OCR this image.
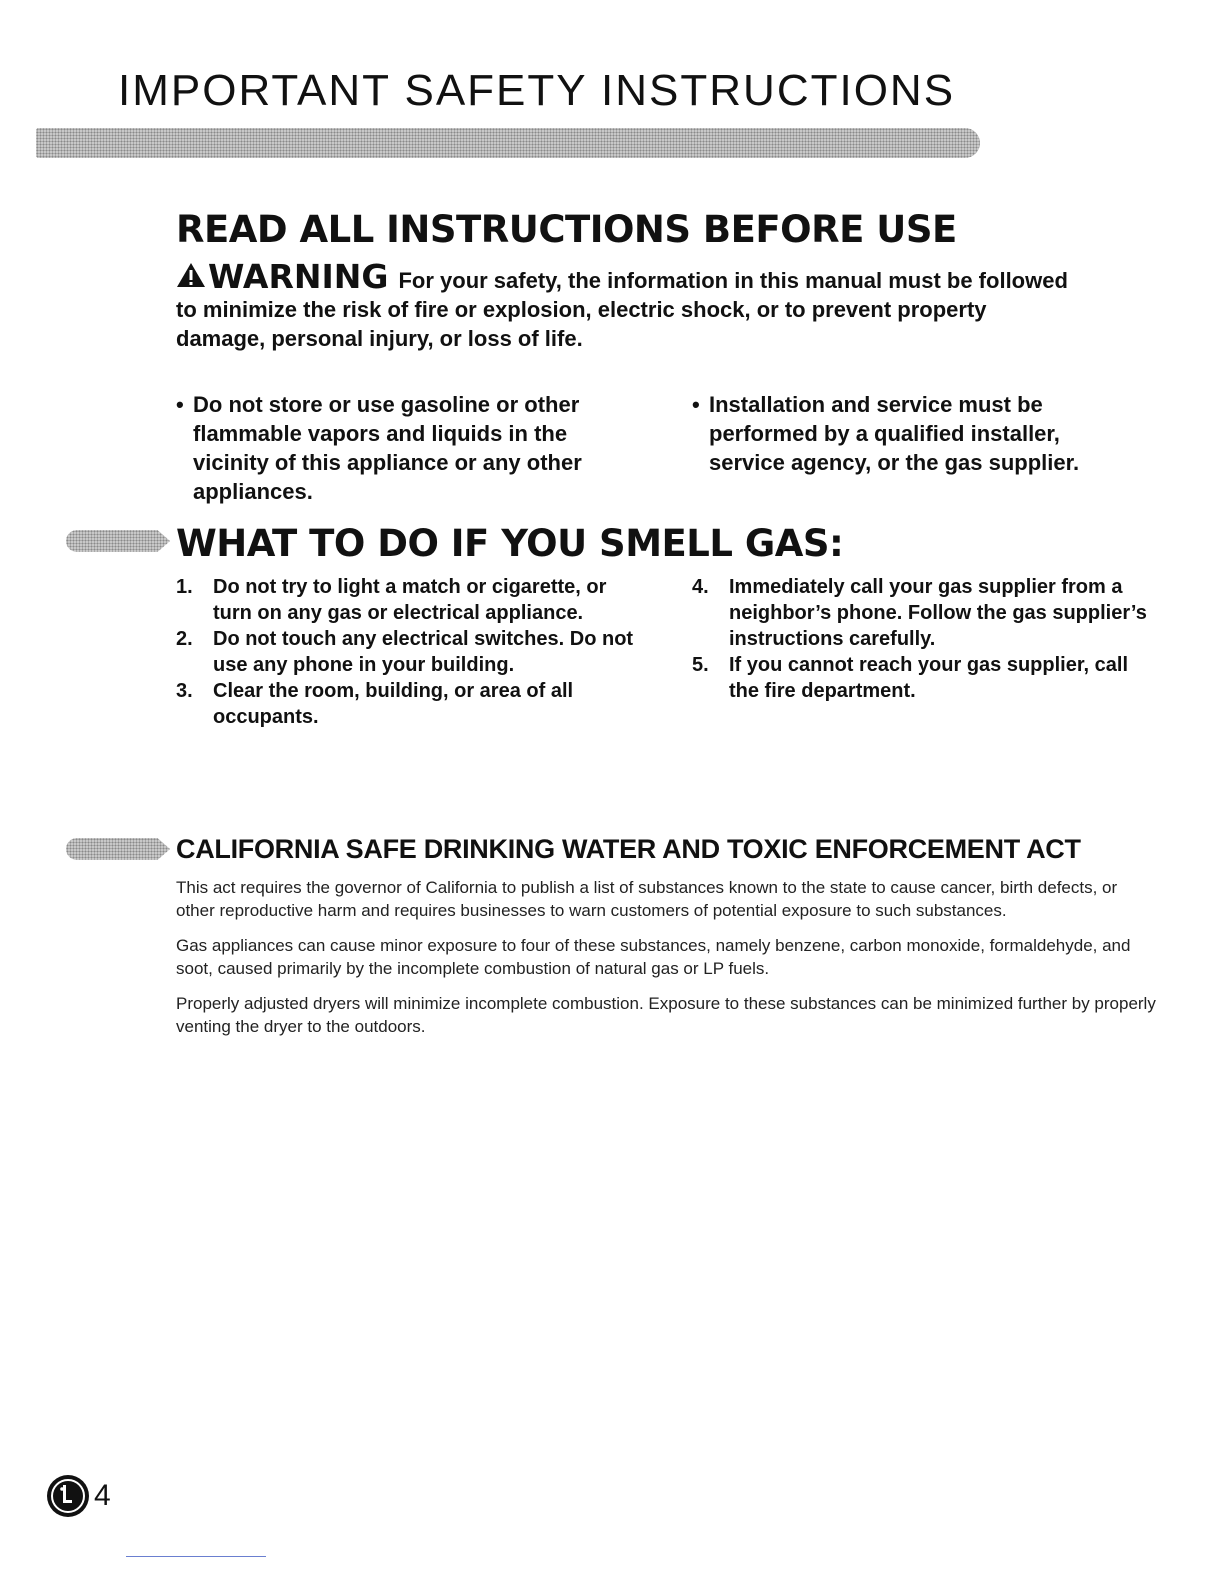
IMPORTANT SAFETY INSTRUCTIONS
READ ALL INSTRUCTIONS BEFORE USE
WARNING For your safety, the information in this manual must be followed to minimize the risk of fire or explosion, electric shock, or to prevent property damage, personal injury, or loss of life.
• Do not store or use gasoline or other flammable vapors and liquids in the vicinity of this appliance or any other appliances.
• Installation and service must be performed by a qualified installer, service agency, or the gas supplier.
WHAT TO DO IF YOU SMELL GAS:
1. Do not try to light a match or cigarette, or turn on any gas or electrical appliance.
2. Do not touch any electrical switches. Do not use any phone in your building.
3. Clear the room, building, or area of all occupants.
4. Immediately call your gas supplier from a neighbor’s phone. Follow the gas supplier’s instructions carefully.
5. If you cannot reach your gas supplier, call the fire department.
CALIFORNIA SAFE DRINKING WATER AND TOXIC ENFORCEMENT ACT

This act requires the governor of California to publish a list of substances known to the state to cause cancer, birth defects, or other reproductive harm and requires businesses to warn customers of potential exposure to such substances.

Gas appliances can cause minor exposure to four of these substances, namely benzene, carbon monoxide, formaldehyde, and soot, caused primarily by the incomplete combustion of natural gas or LP fuels.

Properly adjusted dryers will minimize incomplete combustion. Exposure to these substances can be minimized further by properly venting the dryer to the outdoors.

4
